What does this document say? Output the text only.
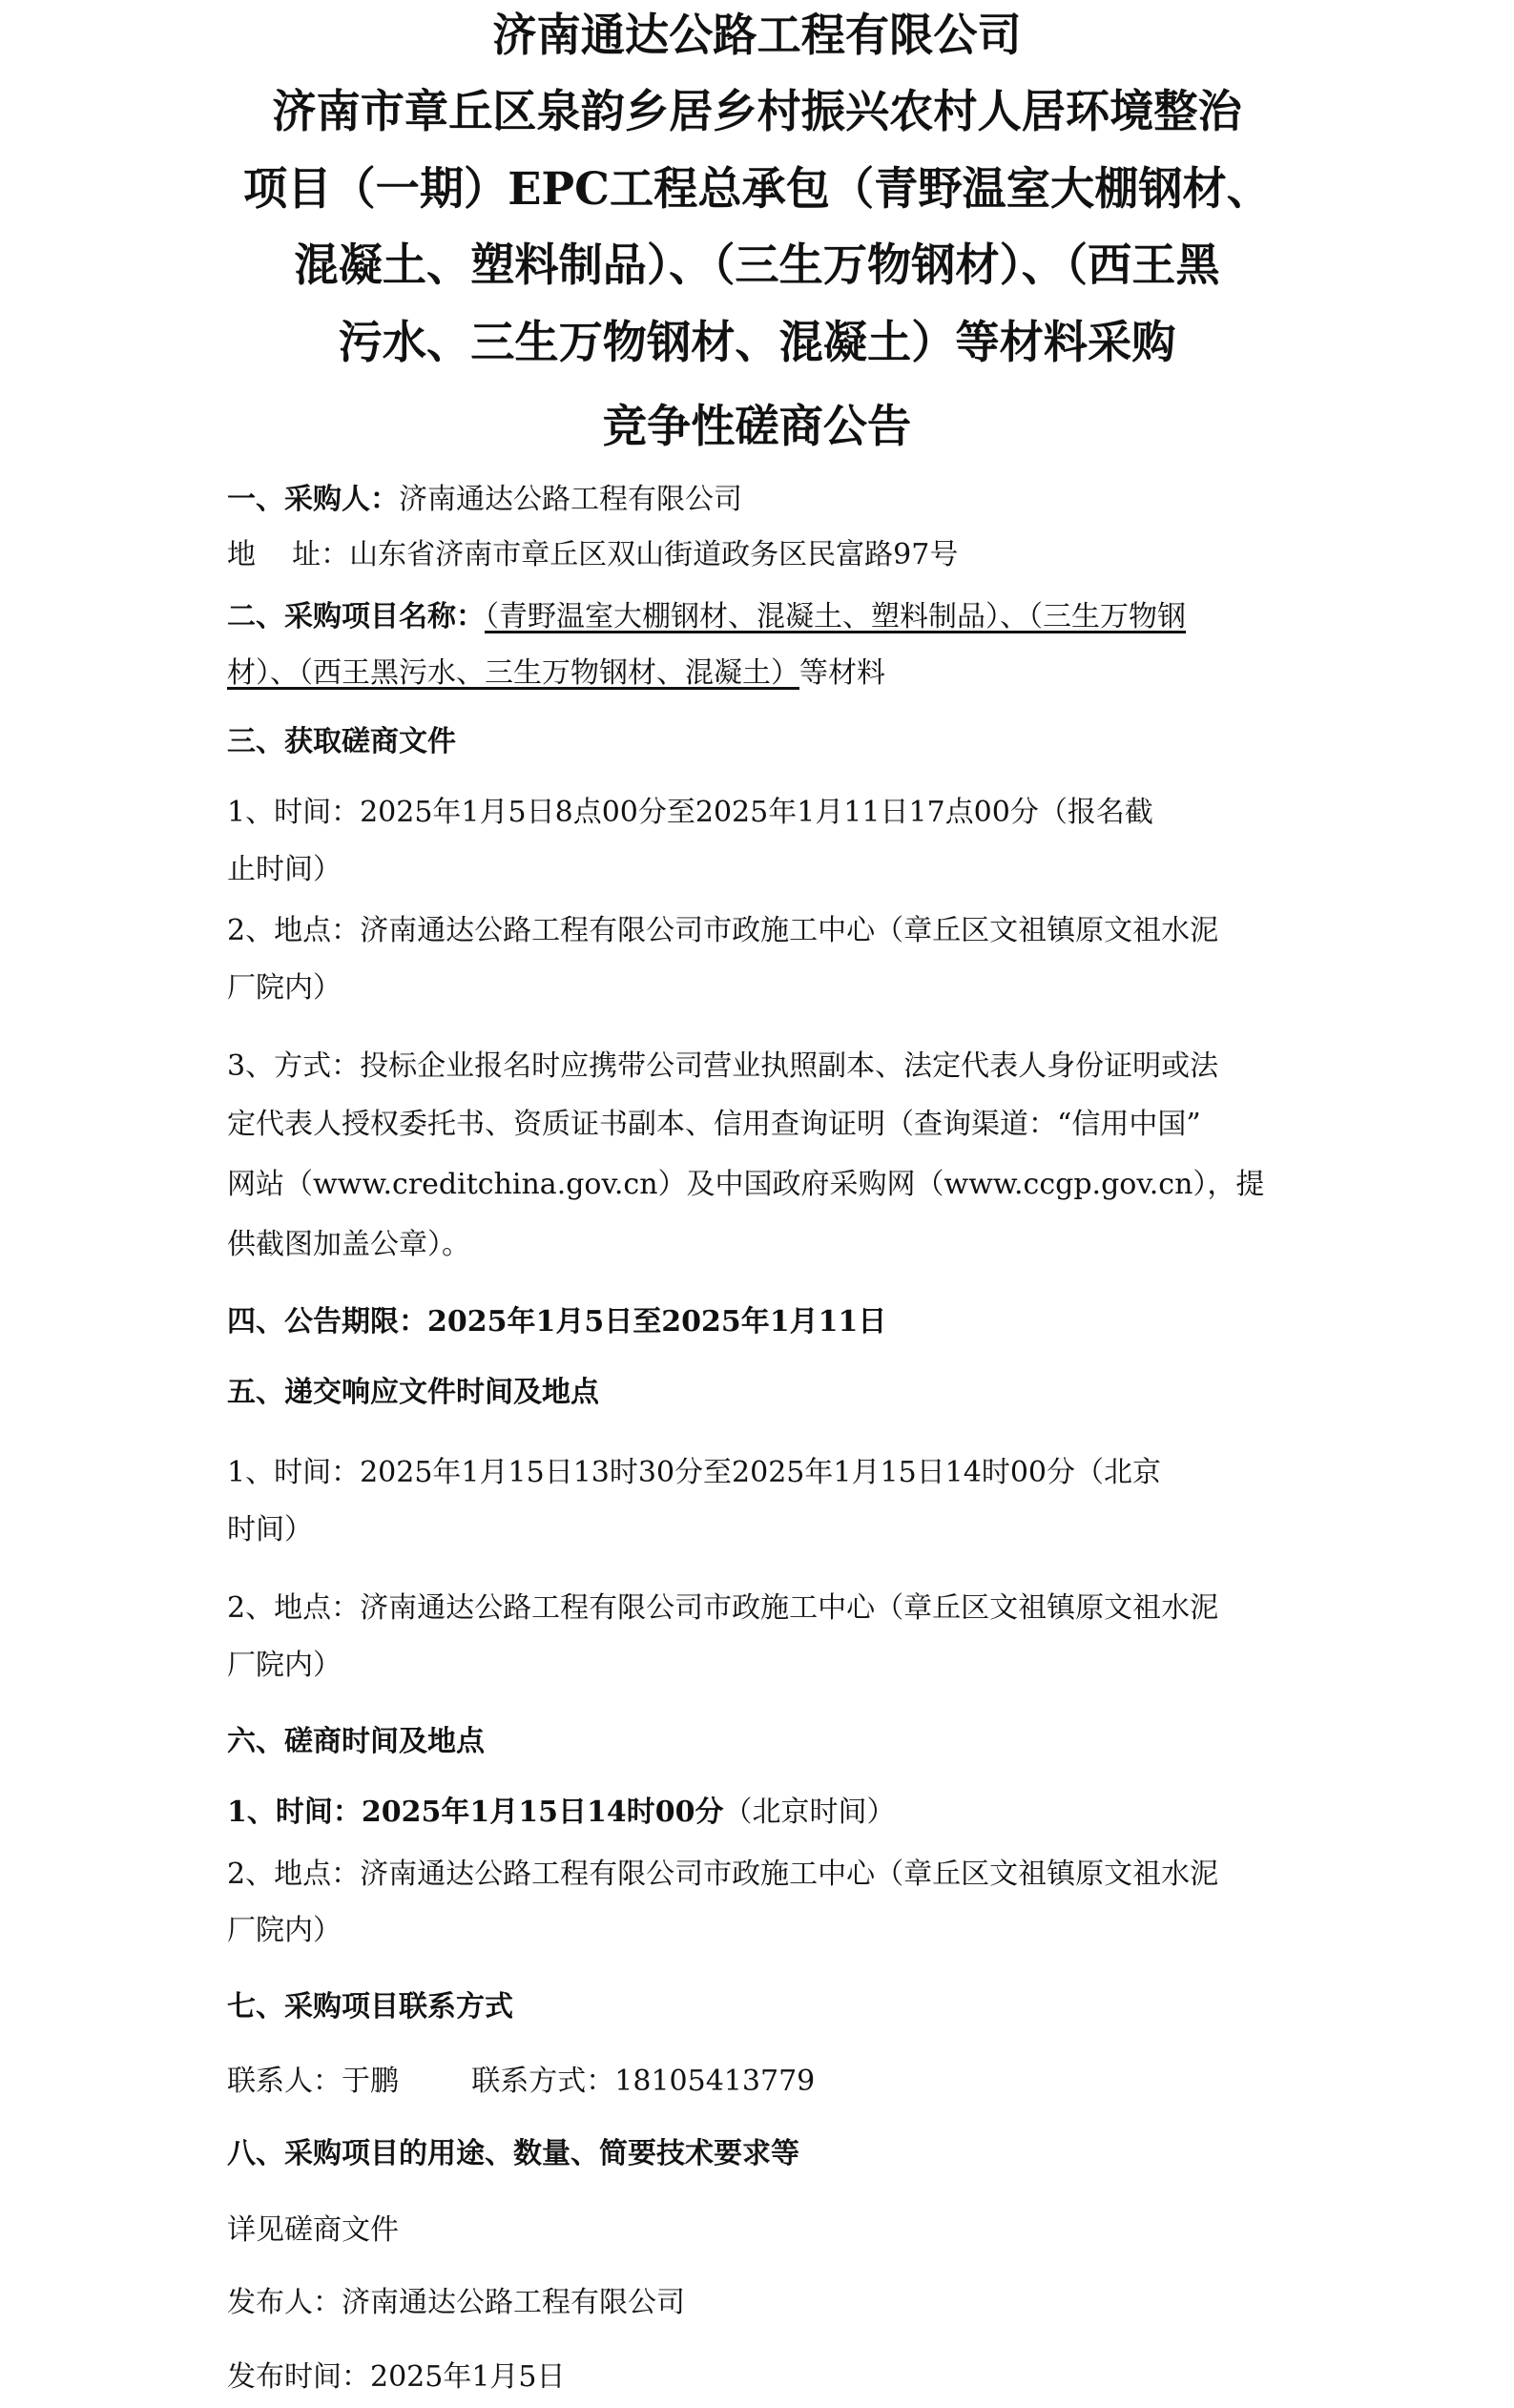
济南通达公路工程有限公司
济南市章丘区泉韵乡居乡村振兴农村人居环境整治
项目（一期）EPC工程总承包（青野温室大棚钢材、
混凝土、塑料制品）、（三生万物钢材）、（西王黑
污水、三生万物钢材、混凝土）等材料采购
竞争性磋商公告
一、采购人：济南通达公路工程有限公司
地    址：山东省济南市章丘区双山街道政务区民富路97号
二、采购项目名称：（青野温室大棚钢材、混凝土、塑料制品）、（三生万物钢
材）、（西王黑污水、三生万物钢材、混凝土）等材料
三、获取磋商文件
1、时间：2025年1月5日8点00分至2025年1月11日17点00分（报名截
止时间）
2、地点：济南通达公路工程有限公司市政施工中心（章丘区文祖镇原文祖水泥
厂院内）
3、方式：投标企业报名时应携带公司营业执照副本、法定代表人身份证明或法
定代表人授权委托书、资质证书副本、信用查询证明（查询渠道：“信用中国”
网站（www.creditchina.gov.cn）及中国政府采购网（www.ccgp.gov.cn），提
供截图加盖公章）。
四、公告期限：2025年1月5日至2025年1月11日
五、递交响应文件时间及地点
1、时间：2025年1月15日13时30分至2025年1月15日14时00分（北京
时间）
2、地点：济南通达公路工程有限公司市政施工中心（章丘区文祖镇原文祖水泥
厂院内）
六、磋商时间及地点
1、时间：2025年1月15日14时00分（北京时间）
2、地点：济南通达公路工程有限公司市政施工中心（章丘区文祖镇原文祖水泥
厂院内）
七、采购项目联系方式
联系人：于鹏        联系方式：18105413779
八、采购项目的用途、数量、简要技术要求等
详见磋商文件
发布人：济南通达公路工程有限公司
发布时间：2025年1月5日
